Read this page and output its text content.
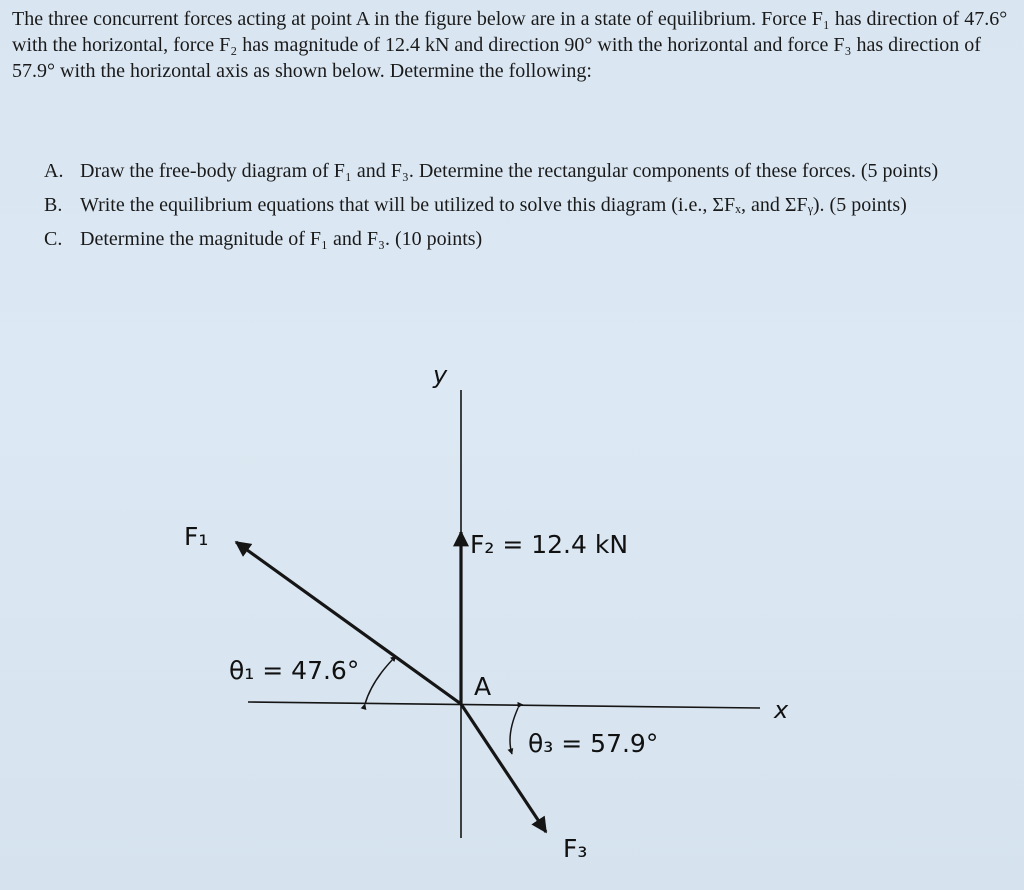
The three concurrent forces acting at point A in the figure below are in a state of equilibrium. Force F₁ has direction of 47.6° with the horizontal, force F₂ has magnitude of 12.4 kN and direction 90° with the horizontal and force F₃ has direction of 57.9° with the horizontal axis as shown below. Determine the following:

A. Draw the free-body diagram of F₁ and F₃. Determine the rectangular components of these forces. (5 points)
B. Write the equilibrium equations that will be utilized to solve this diagram (i.e., ΣFₓ, and ΣFᵧ). (5 points)
C. Determine the magnitude of F₁ and F₃. (10 points)
y
x
F₁	F₂ = 12.4 kN
θ₁ = 47.6°
A
θ₃ = 57.9°
F₃
